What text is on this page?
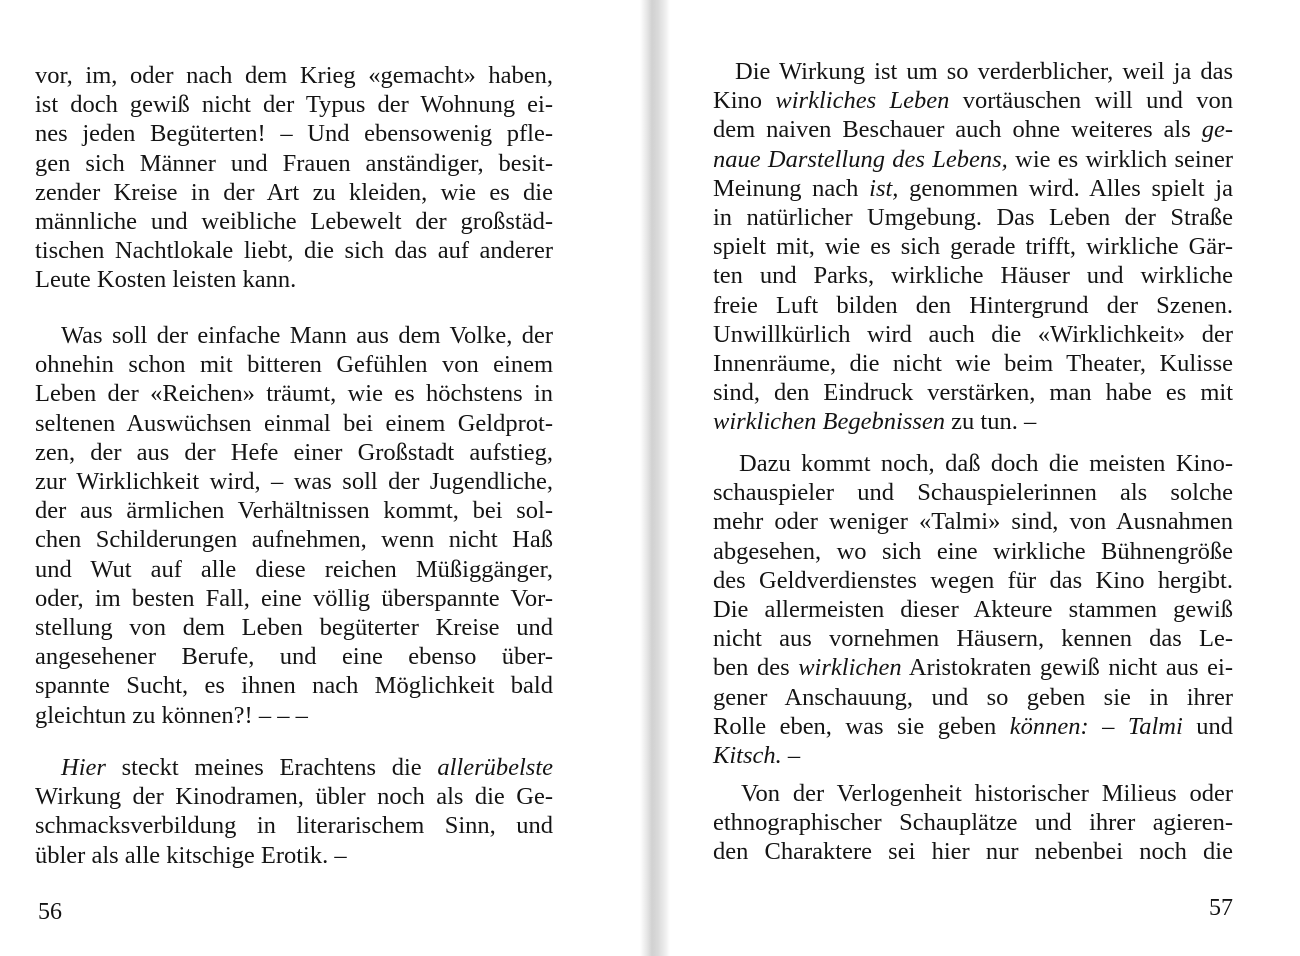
vor, im, oder nach dem Krieg «gemacht» haben,
ist doch gewiß nicht der Typus der Wohnung ei-
nes jeden Begüterten! – Und ebensowenig pfle-
gen sich Männer und Frauen anständiger, besit-
zender Kreise in der Art zu kleiden, wie es die
männliche und weibliche Lebewelt der großstäd-
tischen Nachtlokale liebt, die sich das auf anderer
Leute Kosten leisten kann.
Was soll der einfache Mann aus dem Volke, der
ohnehin schon mit bitteren Gefühlen von einem
Leben der «Reichen» träumt, wie es höchstens in
seltenen Auswüchsen einmal bei einem Geldprot-
zen, der aus der Hefe einer Großstadt aufstieg,
zur Wirklichkeit wird, – was soll der Jugendliche,
der aus ärmlichen Verhältnissen kommt, bei sol-
chen Schilderungen aufnehmen, wenn nicht Haß
und Wut auf alle diese reichen Müßiggänger,
oder, im besten Fall, eine völlig überspannte Vor-
stellung von dem Leben begüterter Kreise und
angesehener Berufe, und eine ebenso über-
spannte Sucht, es ihnen nach Möglichkeit bald
gleichtun zu können?! – – –
Hier steckt meines Erachtens die allerübelste
Wirkung der Kinodramen, übler noch als die Ge-
schmacksverbildung in literarischem Sinn, und
übler als alle kitschige Erotik. –
56
Die Wirkung ist um so verderblicher, weil ja das
Kino wirkliches Leben vortäuschen will und von
dem naiven Beschauer auch ohne weiteres als ge-
naue Darstellung des Lebens, wie es wirklich seiner
Meinung nach ist, genommen wird. Alles spielt ja
in natürlicher Umgebung. Das Leben der Straße
spielt mit, wie es sich gerade trifft, wirkliche Gär-
ten und Parks, wirkliche Häuser und wirkliche
freie Luft bilden den Hintergrund der Szenen.
Unwillkürlich wird auch die «Wirklichkeit» der
Innenräume, die nicht wie beim Theater, Kulisse
sind, den Eindruck verstärken, man habe es mit
wirklichen Begebnissen zu tun. –
Dazu kommt noch, daß doch die meisten Kino-
schauspieler und Schauspielerinnen als solche
mehr oder weniger «Talmi» sind, von Ausnahmen
abgesehen, wo sich eine wirkliche Bühnengröße
des Geldverdienstes wegen für das Kino hergibt.
Die allermeisten dieser Akteure stammen gewiß
nicht aus vornehmen Häusern, kennen das Le-
ben des wirklichen Aristokraten gewiß nicht aus ei-
gener Anschauung, und so geben sie in ihrer
Rolle eben, was sie geben können: – Talmi und
Kitsch. –
Von der Verlogenheit historischer Milieus oder
ethnographischer Schauplätze und ihrer agieren-
den Charaktere sei hier nur nebenbei noch die
57
